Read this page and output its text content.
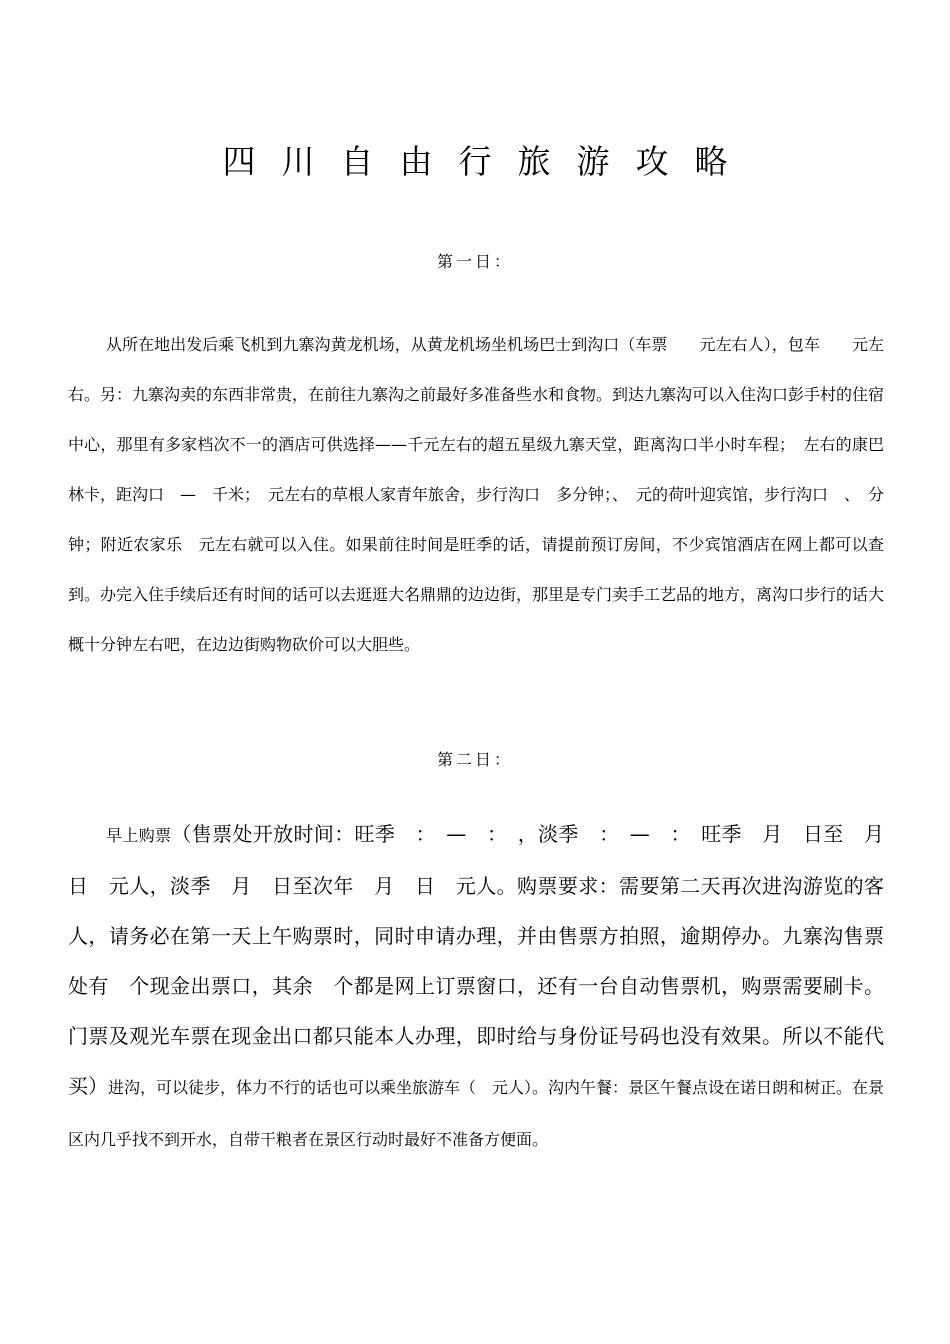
四川自由行旅游攻略
第一日：

从所在地出发后乘飞机到九寨沟黄龙机场，从黄龙机场坐机场巴士到沟口（车票　　元左右人），包车　　元左右。另：九寨沟卖的东西非常贵，在前往九寨沟之前最好多准备些水和食物。到达九寨沟可以入住沟口彭手村的住宿中心，那里有多家档次不一的酒店可供选择——千元左右的超五星级九寨天堂，距离沟口半小时车程；　左右的康巴林卡，距沟口　—　千米；　元左右的草根人家青年旅舍，步行沟口　多分钟；、　元的荷叶迎宾馆，步行沟口　、　分钟；附近农家乐　元左右就可以入住。如果前往时间是旺季的话，请提前预订房间，不少宾馆酒店在网上都可以查到。办完入住手续后还有时间的话可以去逛逛大名鼎鼎的边边街，那里是专门卖手工艺品的地方，离沟口步行的话大概十分钟左右吧，在边边街购物砍价可以大胆些。

第二日：

早上购票（售票处开放时间：旺季　：　—　：　，淡季　：　—　：　旺季　月　日至　月　日　元人，淡季　月　日至次年　月　日　元人。购票要求：需要第二天再次进沟游览的客人，请务必在第一天上午购票时，同时申请办理，并由售票方拍照，逾期停办。九寨沟售票处有　个现金出票口，其余　个都是网上订票窗口，还有一台自动售票机，购票需要刷卡。门票及观光车票在现金出口都只能本人办理，即时给与身份证号码也没有效果。所以不能代买）进沟，可以徒步，体力不行的话也可以乘坐旅游车（　元人）。沟内午餐：景区午餐点设在诺日朗和树正。在景区内几乎找不到开水，自带干粮者在景区行动时最好不准备方便面。
